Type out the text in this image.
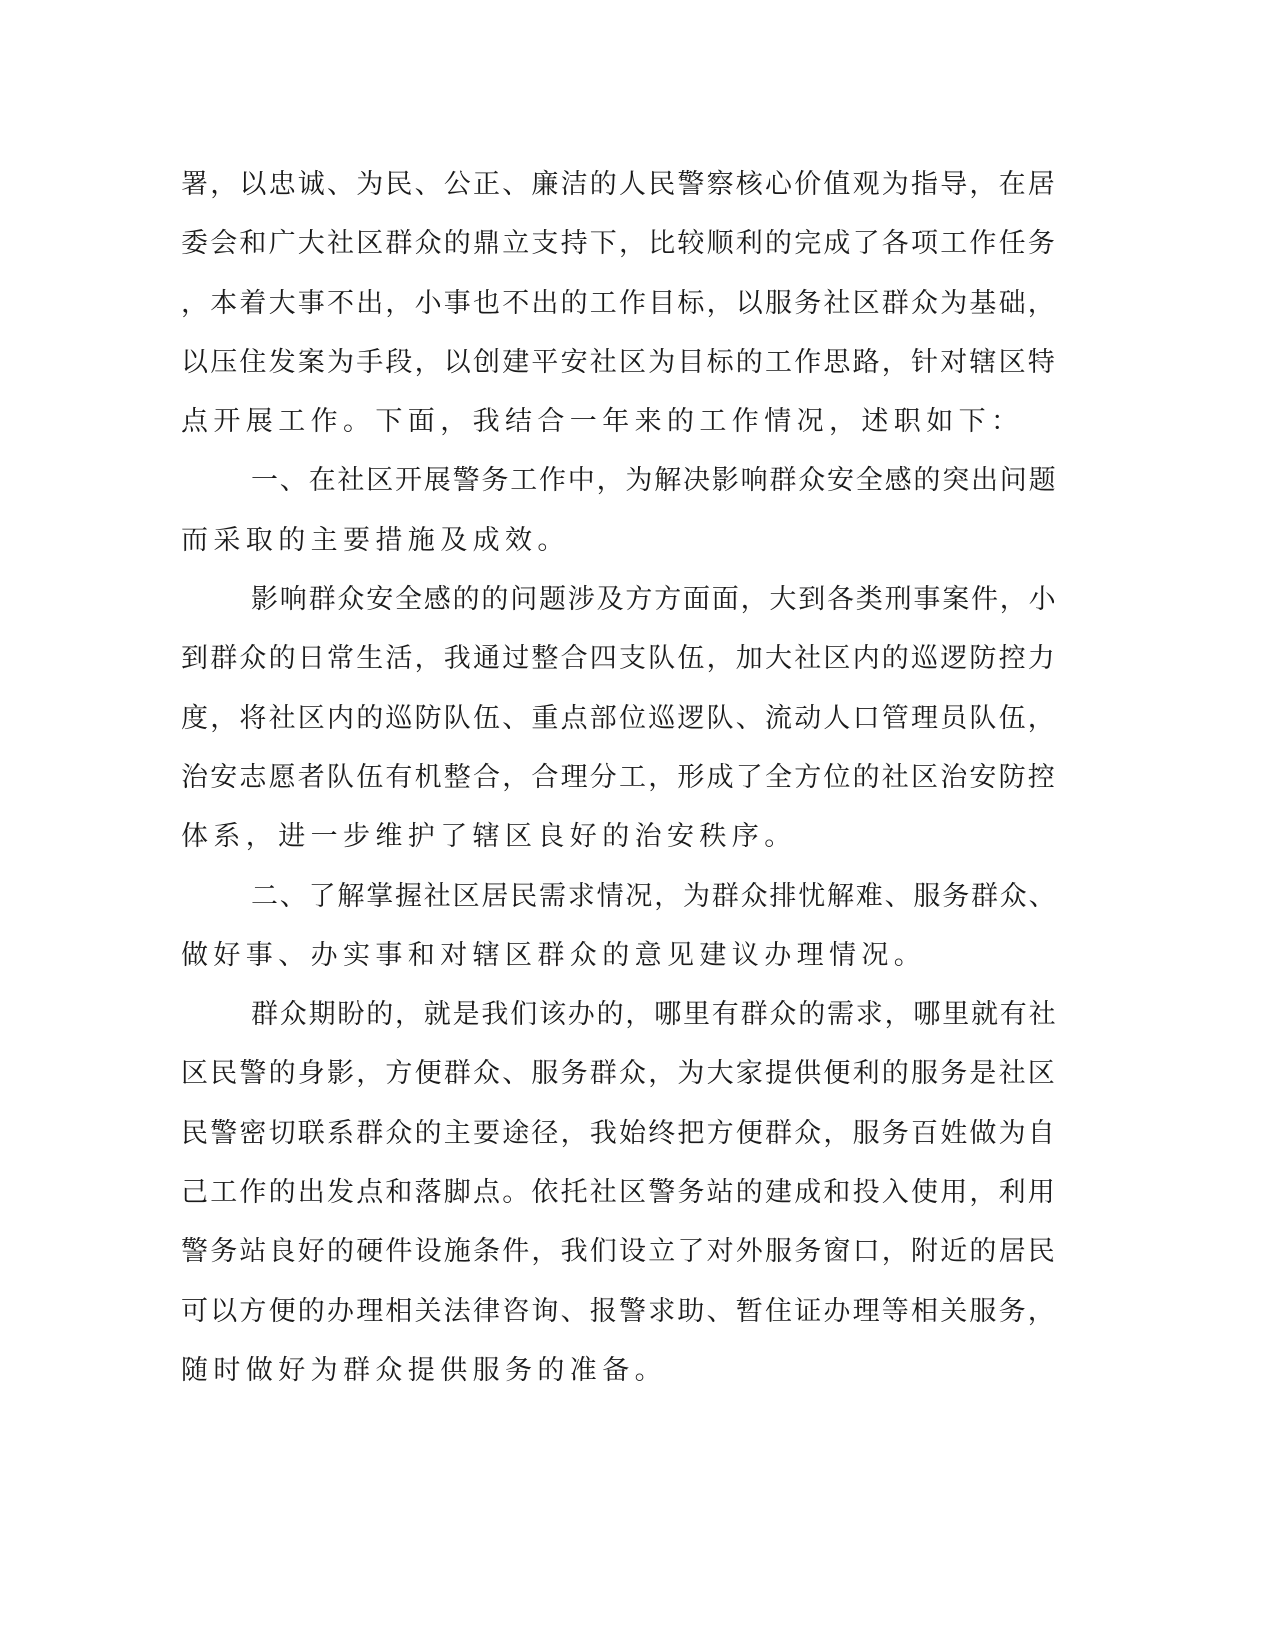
署，以忠诚、为民、公正、廉洁的人民警察核心价值观为指导，在居
委会和广大社区群众的鼎立支持下，比较顺利的完成了各项工作任务
，本着大事不出，小事也不出的工作目标，以服务社区群众为基础，
以压住发案为手段，以创建平安社区为目标的工作思路，针对辖区特
点开展工作。下面，我结合一年来的工作情况，述职如下：
一、在社区开展警务工作中，为解决影响群众安全感的突出问题
而采取的主要措施及成效。
影响群众安全感的的问题涉及方方面面，大到各类刑事案件，小
到群众的日常生活，我通过整合四支队伍，加大社区内的巡逻防控力
度，将社区内的巡防队伍、重点部位巡逻队、流动人口管理员队伍，
治安志愿者队伍有机整合，合理分工，形成了全方位的社区治安防控
体系，进一步维护了辖区良好的治安秩序。
二、了解掌握社区居民需求情况，为群众排忧解难、服务群众、
做好事、办实事和对辖区群众的意见建议办理情况。
群众期盼的，就是我们该办的，哪里有群众的需求，哪里就有社
区民警的身影，方便群众、服务群众，为大家提供便利的服务是社区
民警密切联系群众的主要途径，我始终把方便群众，服务百姓做为自
己工作的出发点和落脚点。依托社区警务站的建成和投入使用，利用
警务站良好的硬件设施条件，我们设立了对外服务窗口，附近的居民
可以方便的办理相关法律咨询、报警求助、暂住证办理等相关服务，
随时做好为群众提供服务的准备。
